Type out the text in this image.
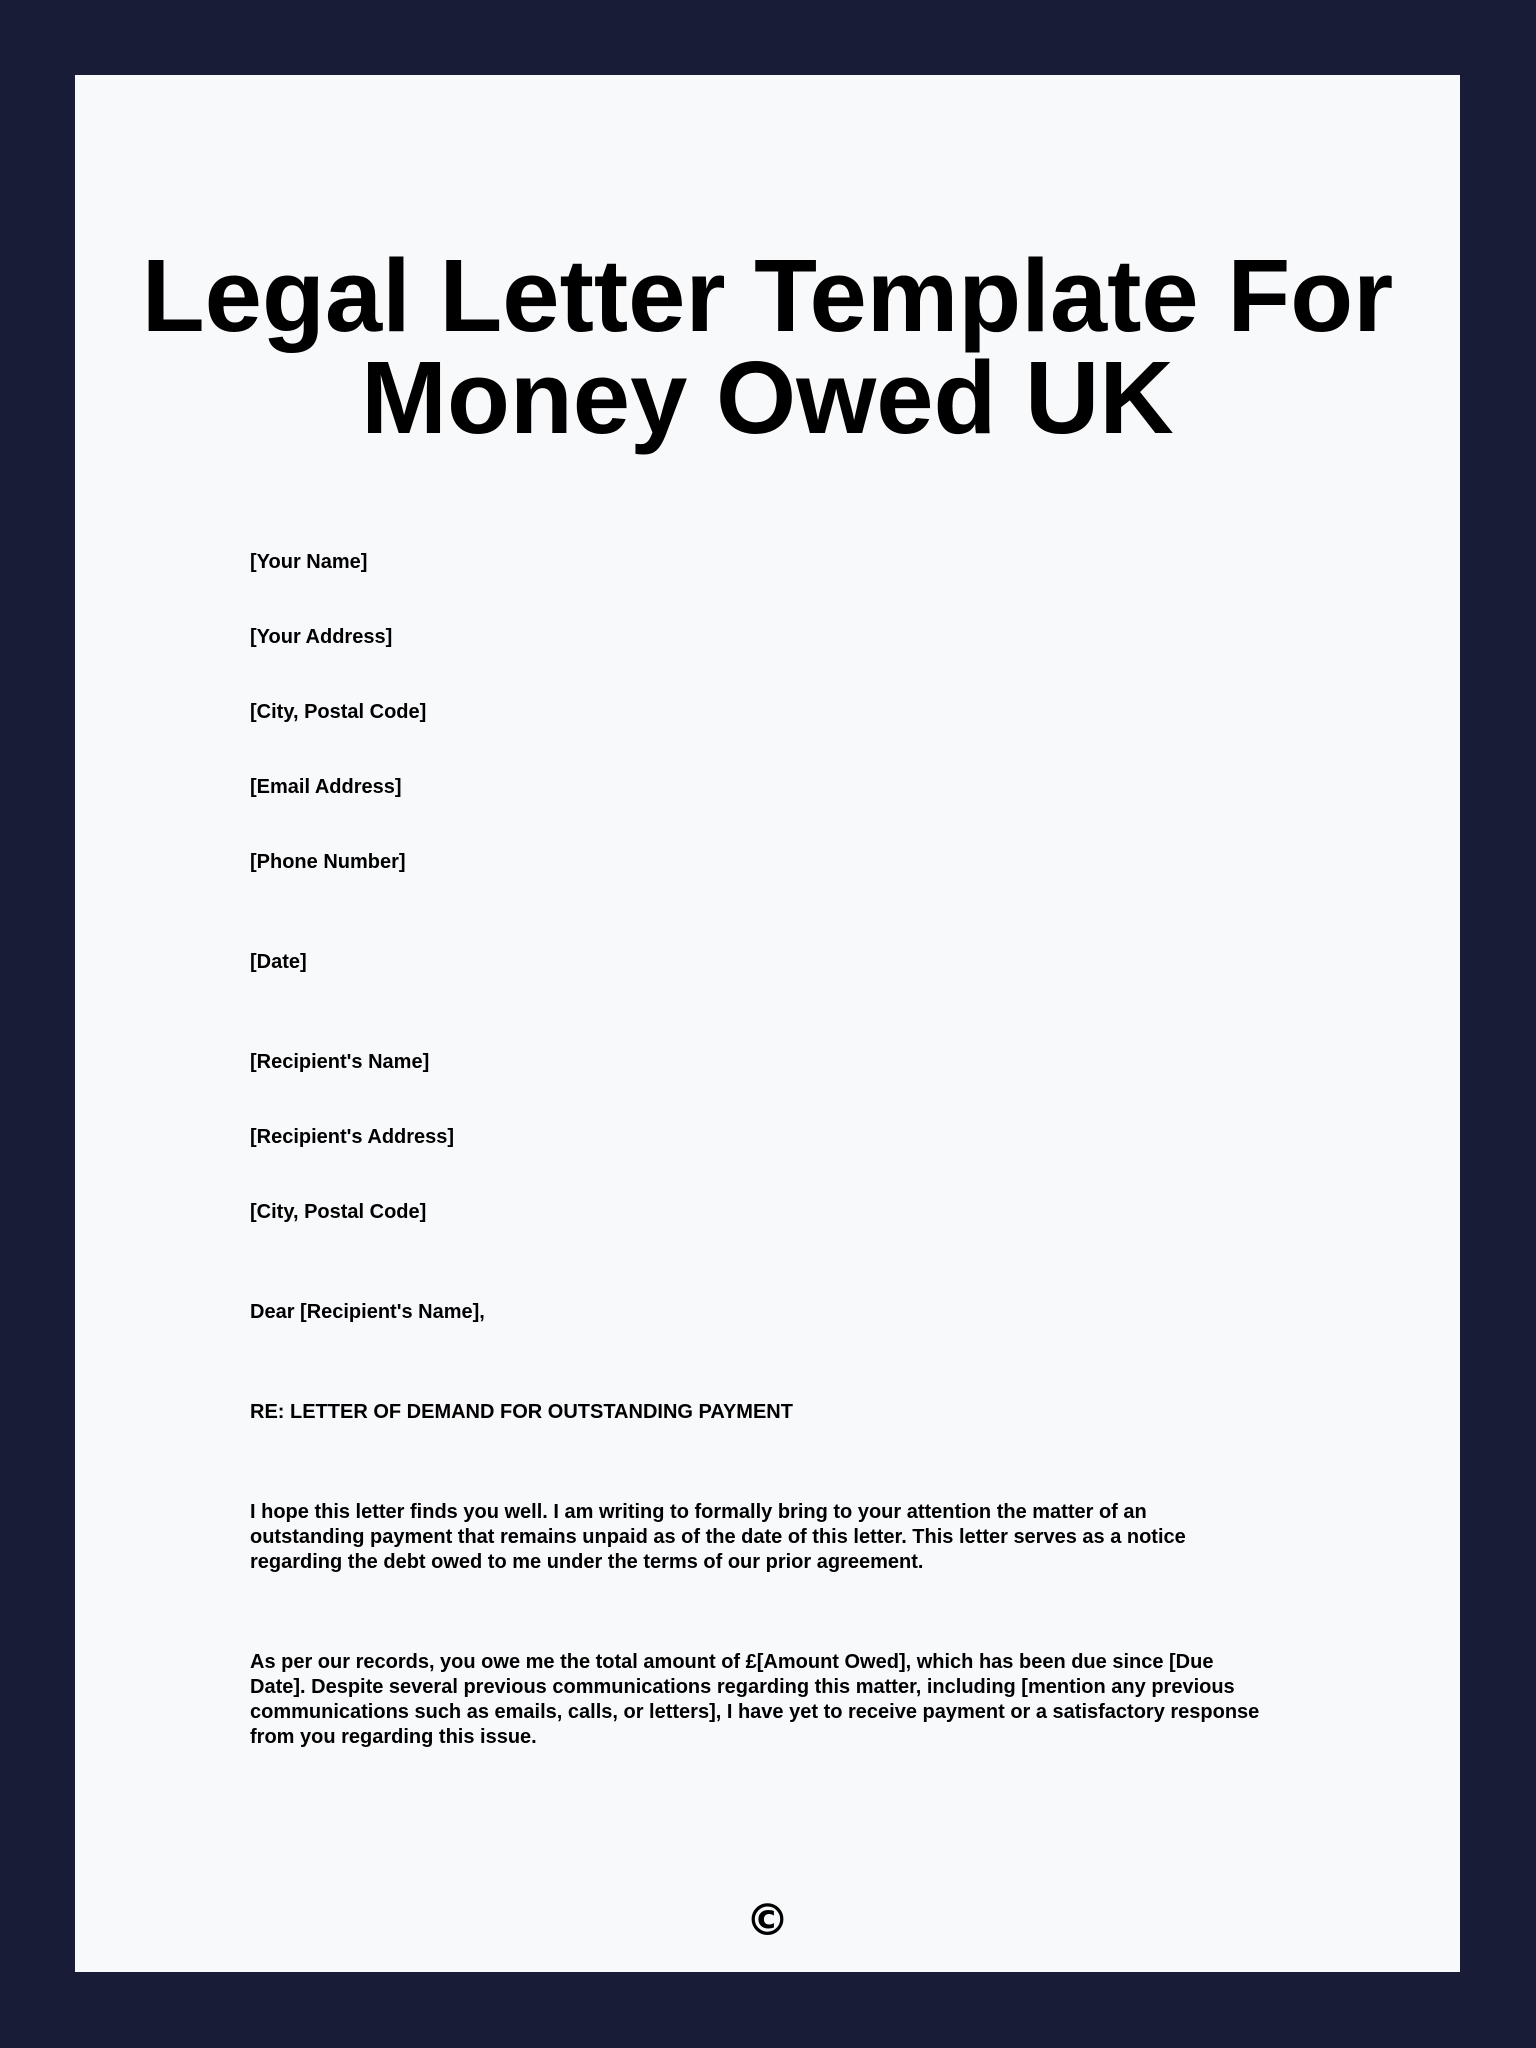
Legal Letter Template For Money Owed UK

[Your Name]

[Your Address]

[City, Postal Code]

[Email Address]

[Phone Number]

[Date]

[Recipient's Name]

[Recipient's Address]

[City, Postal Code]

Dear [Recipient's Name],

RE: LETTER OF DEMAND FOR OUTSTANDING PAYMENT

I hope this letter finds you well. I am writing to formally bring to your attention the matter of an
outstanding payment that remains unpaid as of the date of this letter. This letter serves as a notice
regarding the debt owed to me under the terms of our prior agreement.
As per our records, you owe me the total amount of £[Amount Owed], which has been due since [Due
Date]. Despite several previous communications regarding this matter, including [mention any previous
communications such as emails, calls, or letters], I have yet to receive payment or a satisfactory response
from you regarding this issue.
©
